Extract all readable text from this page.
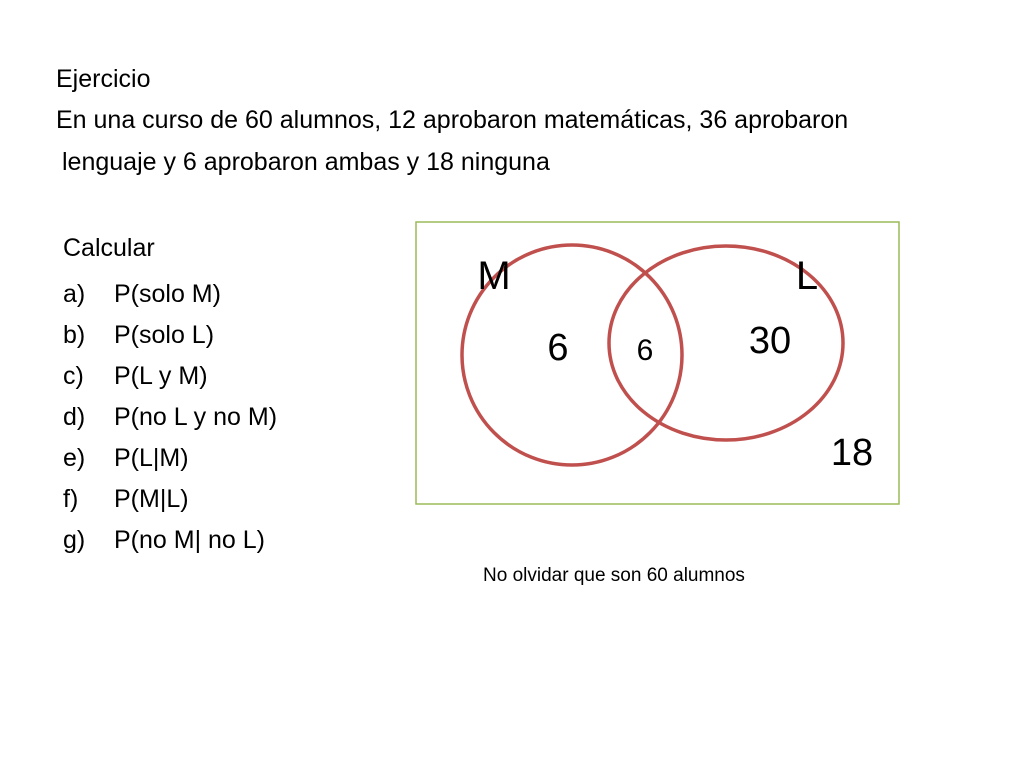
Ejercicio
En una curso de 60 alumnos, 12 aprobaron matemáticas, 36 aprobaron
lenguaje y 6 aprobaron ambas y 18 ninguna
Calcular
a) P(solo M)
b) P(solo L)
c) P(L y M)
d) P(no L y no M)
e) P(L|M)
f) P(M|L)
g) P(no M| no L)
M	L
6 6	30
18
No olvidar que son 60 alumnos
